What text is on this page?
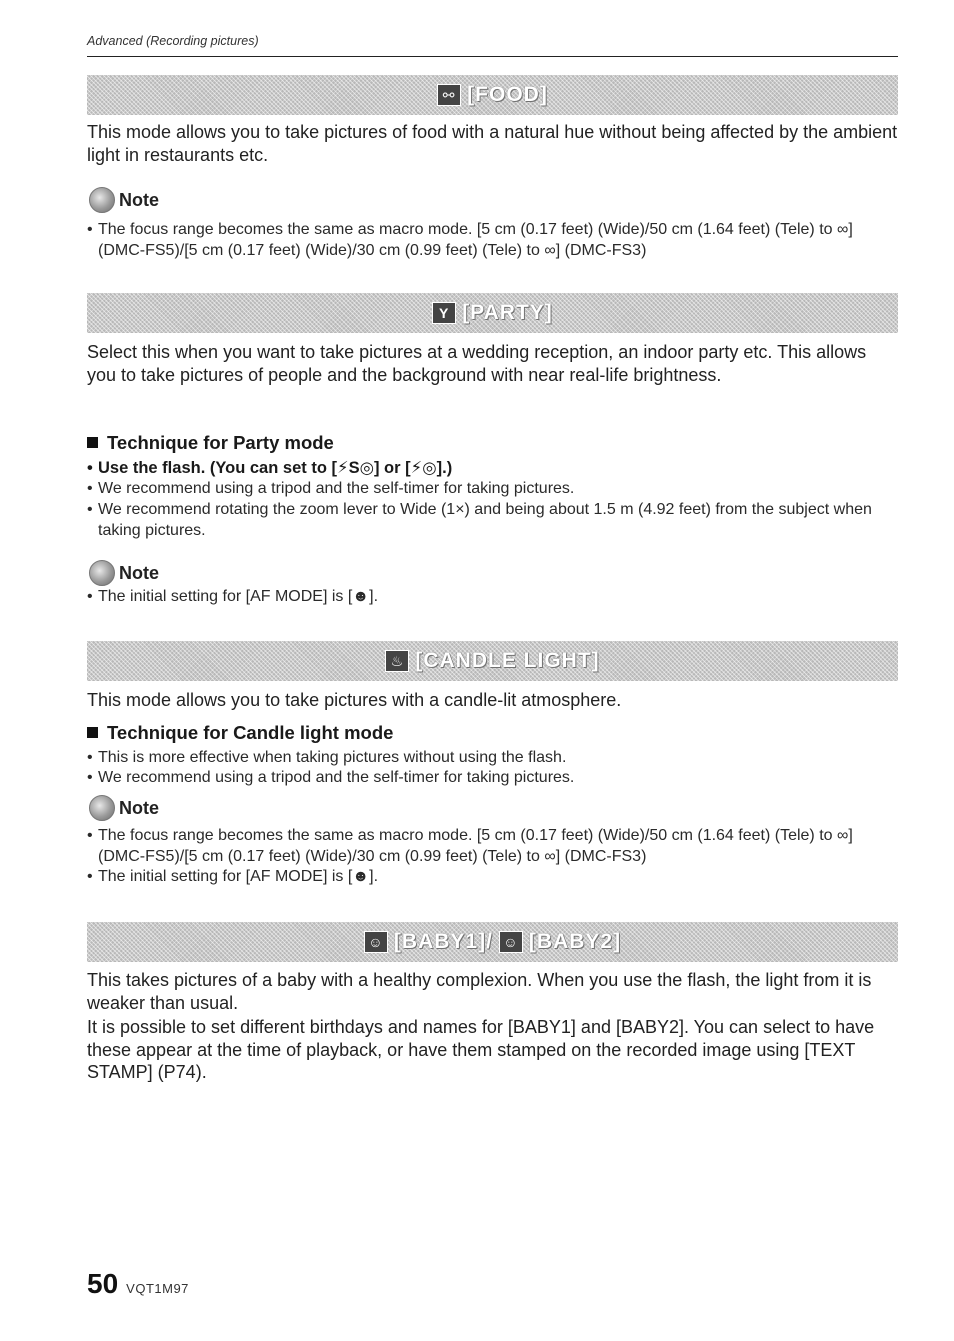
Advanced (Recording pictures)
⚯ [FOOD]
This mode allows you to take pictures of food with a natural hue without being affected by the ambient light in restaurants etc.
Note
• The focus range becomes the same as macro mode. [5 cm (0.17 feet) (Wide)/50 cm (1.64 feet) (Tele) to ∞] (DMC-FS5)/[5 cm (0.17 feet) (Wide)/30 cm (0.99 feet) (Tele) to ∞] (DMC-FS3)
Y [PARTY]
Select this when you want to take pictures at a wedding reception, an indoor party etc. This allows you to take pictures of people and the background with near real-life brightness.
Technique for Party mode
• Use the flash. (You can set to [⚡S◎] or [⚡◎].)
• We recommend using a tripod and the self-timer for taking pictures.
• We recommend rotating the zoom lever to Wide (1×) and being about 1.5 m (4.92 feet) from the subject when taking pictures.
Note
• The initial setting for [AF MODE] is [☻].
♨ [CANDLE LIGHT]
This mode allows you to take pictures with a candle-lit atmosphere.
Technique for Candle light mode
• This is more effective when taking pictures without using the flash.
• We recommend using a tripod and the self-timer for taking pictures.
Note
• The focus range becomes the same as macro mode. [5 cm (0.17 feet) (Wide)/50 cm (1.64 feet) (Tele) to ∞] (DMC-FS5)/[5 cm (0.17 feet) (Wide)/30 cm (0.99 feet) (Tele) to ∞] (DMC-FS3)
• The initial setting for [AF MODE] is [☻].
☺ [BABY1]/ ☺ [BABY2]
This takes pictures of a baby with a healthy complexion. When you use the flash, the light from it is weaker than usual.
It is possible to set different birthdays and names for [BABY1] and [BABY2]. You can select to have these appear at the time of playback, or have them stamped on the recorded image using [TEXT STAMP] (P74).
50 VQT1M97
